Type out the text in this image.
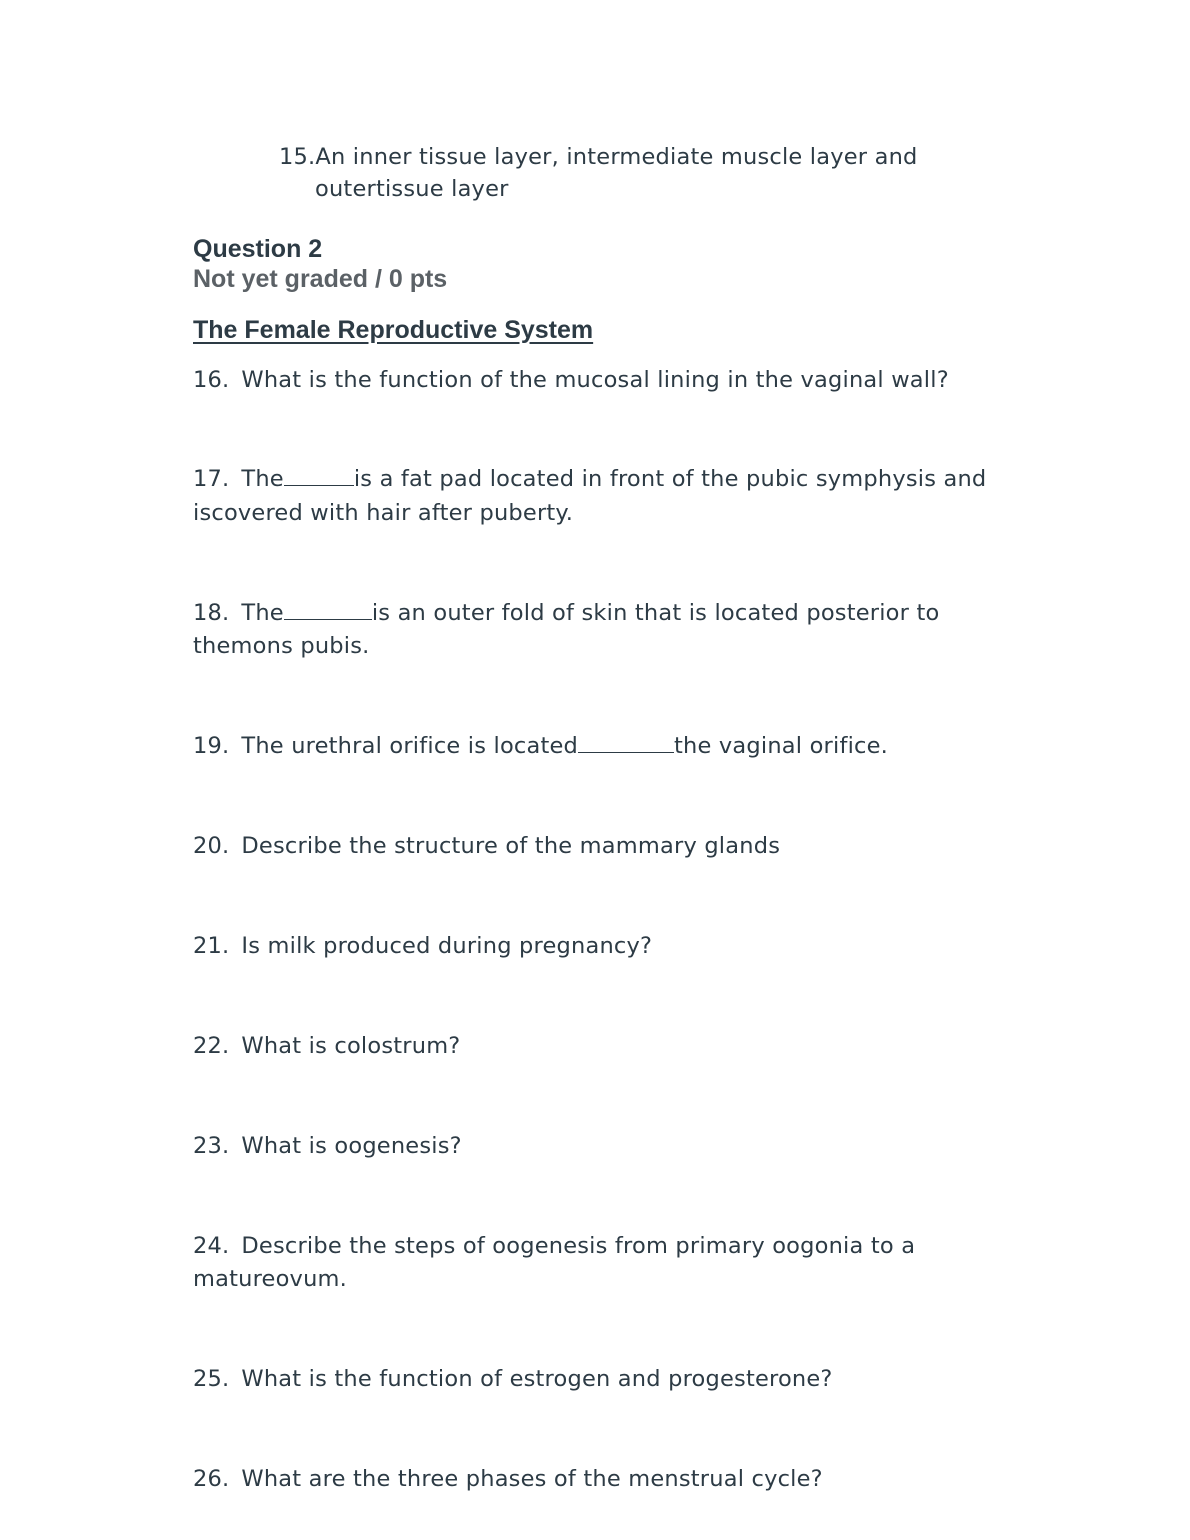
15.An inner tissue layer, intermediate muscle layer and
outertissue layer
Question 2
Not yet graded / 0 pts
The Female Reproductive System
16. What is the function of the mucosal lining in the vaginal wall?
17. The	is a fat pad located in front of the pubic symphysis and
iscovered with hair after puberty.
18. The	is an outer fold of skin that is located posterior to
themons pubis.
19. The urethral orifice is located	the vaginal orifice.
20. Describe the structure of the mammary glands
21. Is milk produced during pregnancy?
22. What is colostrum?
23. What is oogenesis?
24. Describe the steps of oogenesis from primary oogonia to a
matureovum.
25. What is the function of estrogen and progesterone?
26. What are the three phases of the menstrual cycle?
